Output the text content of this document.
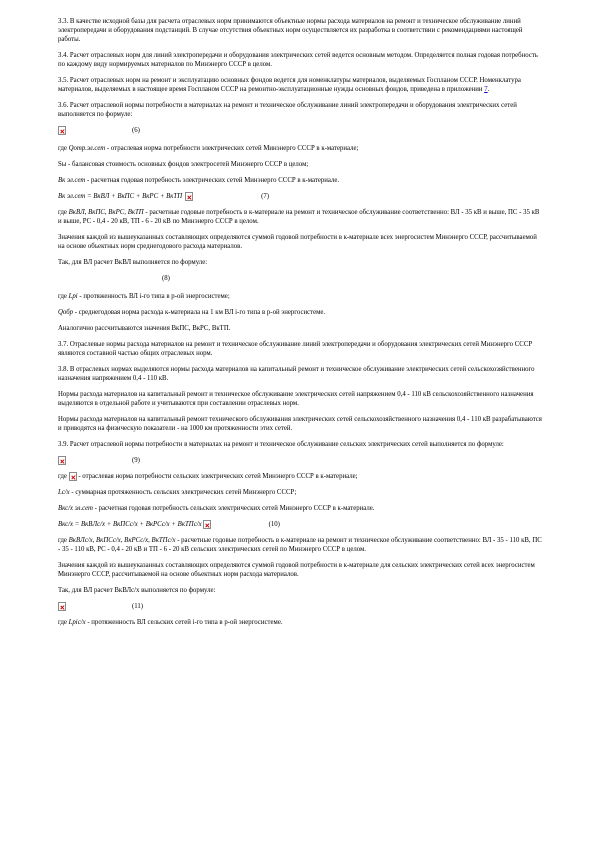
3.3. В качестве исходной базы для расчета отраслевых норм принимаются объектные нормы расхода материалов на ремонт и техническое обслуживание линий электропередачи и оборудования подстанций. В случае отсутствия объектных норм осуществляется их разработка в соответствии с рекомендациями настоящей работы.

3.4. Расчет отраслевых норм для линий электропередачи и оборудования электрических сетей ведется основным методом. Определяется полная годовая потребность по каждому виду нормируемых материалов по Минэнерго СССР в целом.

3.5. Расчет отраслевых норм на ремонт и эксплуатацию основных фондов ведется для номенклатуры материалов, выделяемых Госпланом СССР. Номенклатура материалов, выделяемых в настоящее время Госпланом СССР на ремонтно-эксплуатационные нужды основных фондов, приведена в приложении 7.

3.6. Расчет отраслевой нормы потребности в материалах на ремонт и техническое обслуживание линий электропередачи и оборудования электрических сетей выполняется по формуле:

(6)

где Qотр.эл.сет - отраслевая норма потребности электрических сетей Минэнерго СССР в к-материале;

Sы - балансовая стоимость основных фондов электросетей Минэнерго СССР в целом;

Вк эл.сет - расчетная годовая потребность электрических сетей Минэнерго СССР в к-материале.

Вк эл.сет = ВкВЛ + ВкПС + ВкРС + ВкТП	(7)

где ВкВЛ, ВкПС, ВкРС, ВкТП - расчетные годовые потребность в к-материале на ремонт и техническое обслуживание соответственно: ВЛ - 35 кВ и выше, ПС - 35 кВ и выше, РС - 0,4 - 20 кВ, ТП - 6 - 20 кВ по Минэнерго СССР в целом.

Значения каждой из вышеуказанных составляющих определяются суммой годовой потребности в к-материале всех энергосистем Минэнерго СССР, рассчитываемой на основе объектных норм среднегодового расхода материалов.

Так, для ВЛ расчет ВкВЛ выполняется по формуле:

(8)

где Lpi - протяженность ВЛ i-го типа в р-ой энергосистеме;

Qобр - среднегодовая норма расхода к-материала на 1 км ВЛ i-го типа в р-ой энергосистеме.

Аналогично рассчитываются значения ВкПС, ВкРС, ВкТП.

3.7. Отраслевые нормы расхода материалов на ремонт и техническое обслуживание линий электропередачи и оборудования электрических сетей Минэнерго СССР являются составной частью общих отраслевых норм.

3.8. В отраслевых нормах выделяются нормы расхода материалов на капитальный ремонт и техническое обслуживание электрических сетей сельскохозяйственного назначения напряжением 0,4 - 110 кВ.

Нормы расхода материалов на капитальный ремонт и техническое обслуживание электрических сетей напряжением 0,4 - 110 кВ сельскохозяйственного назначения выделяются в отдельной работе и учитываются при составлении отраслевых норм.

Нормы расхода материалов на капитальный ремонт технического обслуживания электрических сетей сельскохозяйственного назначения 0,4 - 110 кВ разрабатываются и приводятся на физическую показатели - на 1000 км протяженности этих сетей.

3.9. Расчет отраслевой нормы потребности в материалах на ремонт и техническое обслуживание сельских электрических сетей выполняется по формуле:

(9)

где  - отраслевая норма потребности сельских электрических сетей Минэнерго СССР в к-материале;

Lc/x - суммарная протяженность сельских электрических сетей Минэнерго СССР;

Вкс/х эл.сет - расчетная годовая потребность сельских электрических сетей Минэнерго СССР в к-материале.

Вкс/х = ВкВЛс/х + ВкПСс/х + ВкРСс/х + ВкТПс/х	(10)

где ВкВЛс/х, ВкПСс/х, ВкРСс/х, ВкТПс/х - расчетные годовые потребность в к-материале на ремонт и техническое обслуживание соответственно: ВЛ - 35 - 110 кВ, ПС - 35 - 110 кВ, РС - 0,4 - 20 кВ и ТП - 6 - 20 кВ сельских электрических сетей по Минэнерго СССР в целом.

Значения каждой из вышеуказанных составляющих определяются суммой годовой потребности в к-материале для сельских электрических сетей всех энергосистем Минэнерго СССР, рассчитываемой на основе объектных норм расхода материалов.

Так, для ВЛ расчет ВкВЛс/х выполняется по формуле:

(11)

где Lpiс/х - протяженность ВЛ сельских сетей i-го типа в р-ой энергосистеме.
